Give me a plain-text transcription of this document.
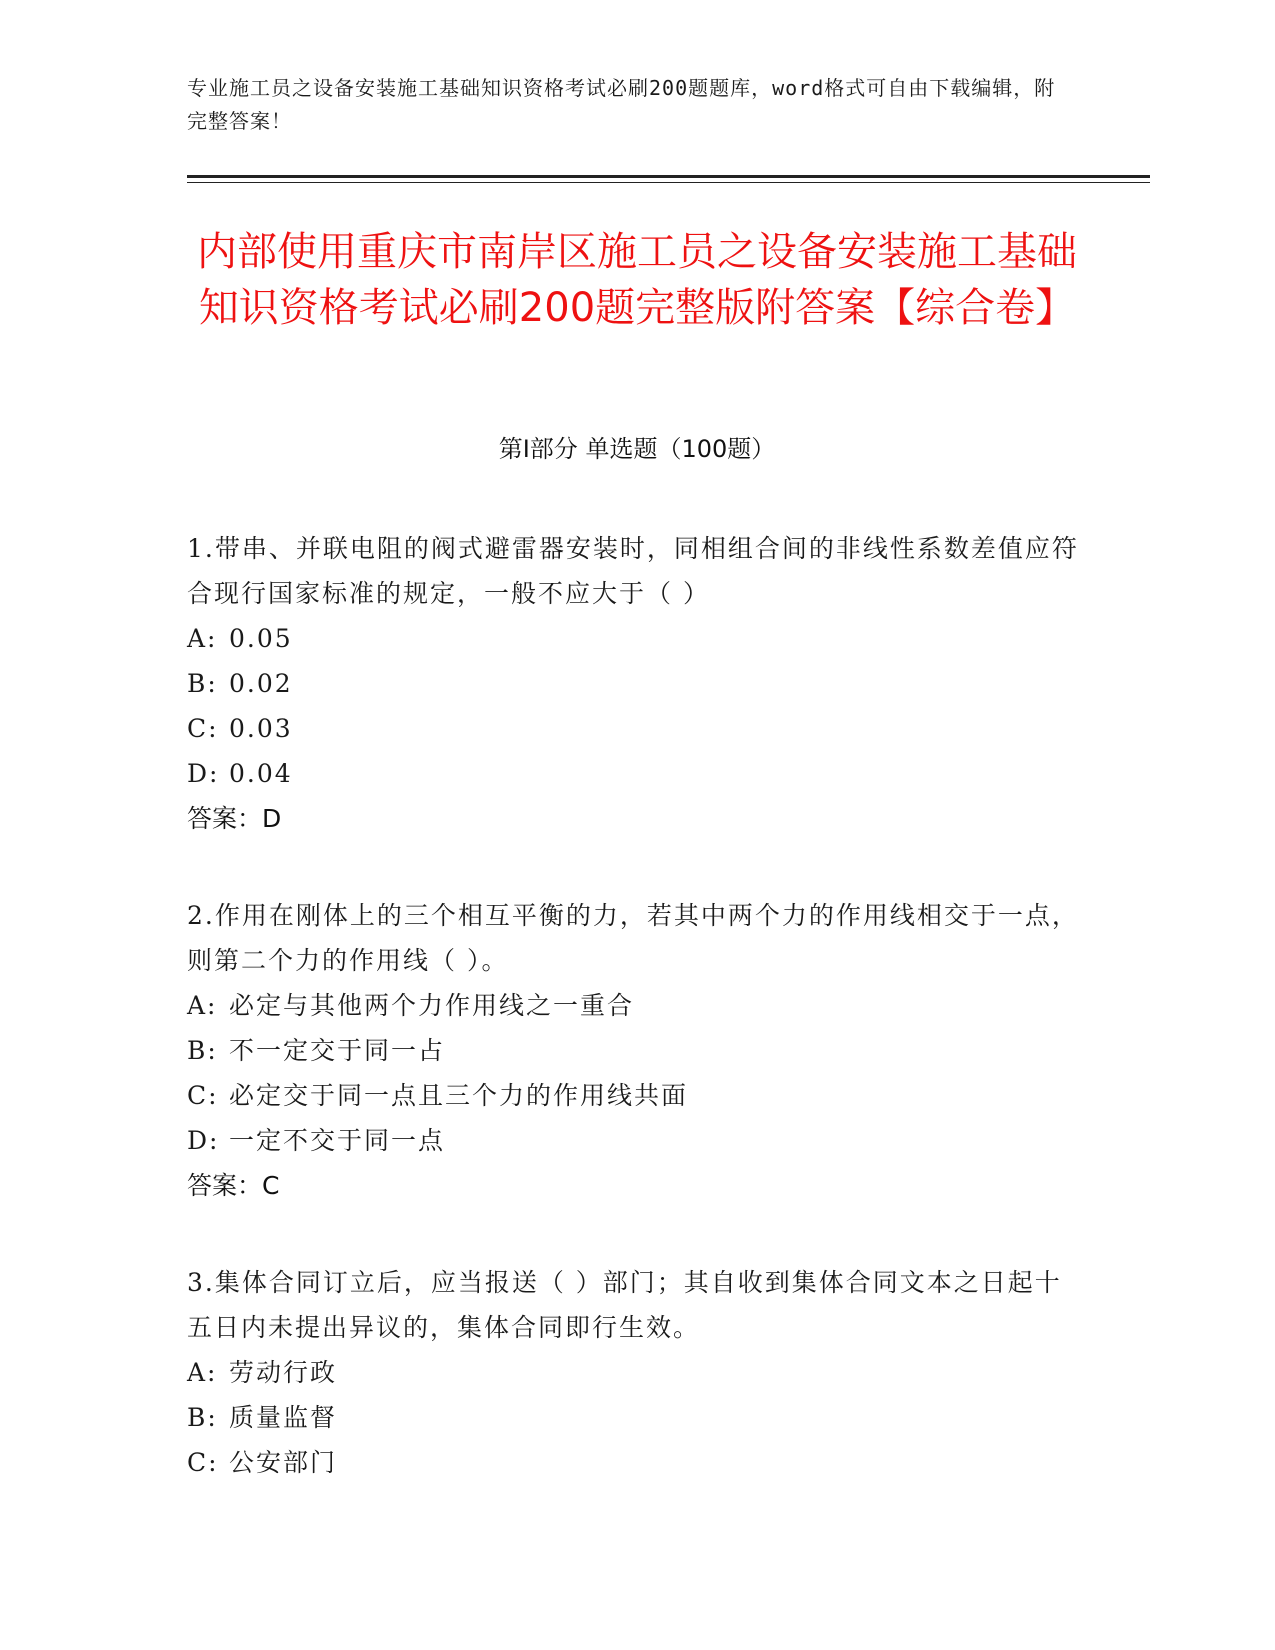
专业施工员之设备安装施工基础知识资格考试必刷200题题库，word格式可自由下载编辑，附完整答案！
内部使用重庆市南岸区施工员之设备安装施工基础知识资格考试必刷200题完整版附答案【综合卷】
第Ⅰ部分 单选题（100题）
1.带串、并联电阻的阀式避雷器安装时，同相组合间的非线性系数差值应符合现行国家标准的规定，一般不应大于（ ）
A: 0.05
B: 0.02
C: 0.03
D: 0.04
答案：D
2.作用在刚体上的三个相互平衡的力，若其中两个力的作用线相交于一点，则第二个力的作用线（ ）。
A: 必定与其他两个力作用线之一重合
B: 不一定交于同一占
C: 必定交于同一点且三个力的作用线共面
D: 一定不交于同一点
答案：C
3.集体合同订立后，应当报送（ ）部门；其自收到集体合同文本之日起十五日内未提出异议的，集体合同即行生效。
A: 劳动行政
B: 质量监督
C: 公安部门
